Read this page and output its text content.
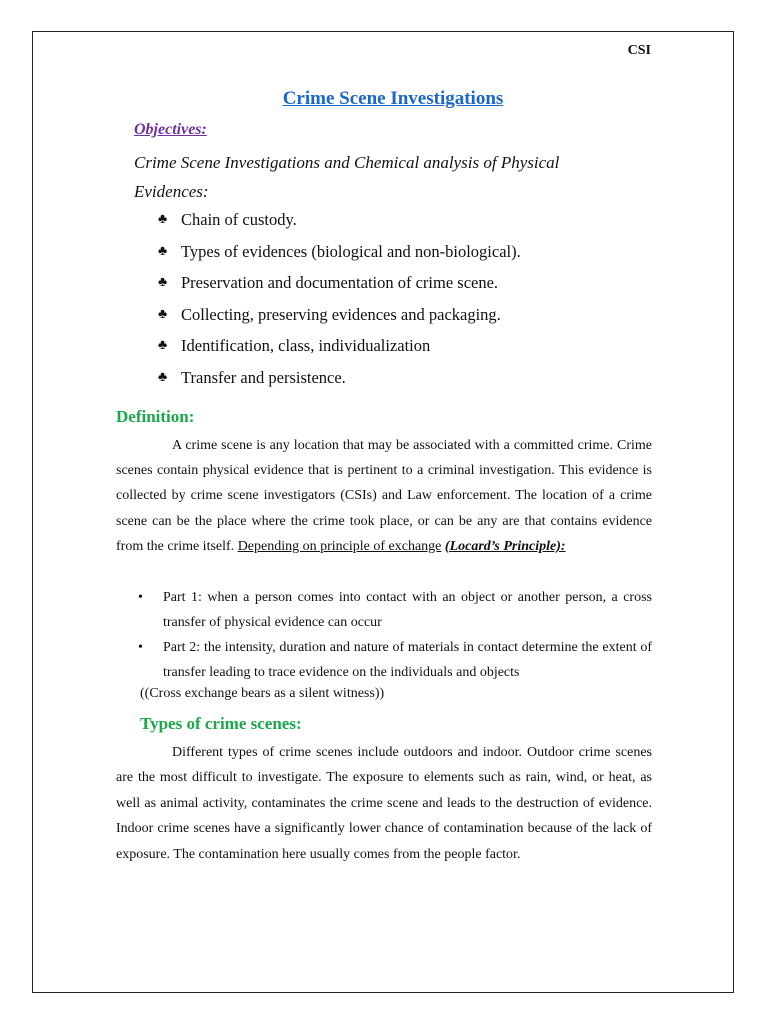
CSI
Crime Scene Investigations
Objectives:
Crime Scene Investigations and Chemical analysis of Physical Evidences:
♣ Chain of custody.
♣ Types of evidences (biological and non-biological).
♣ Preservation and documentation of crime scene.
♣ Collecting, preserving evidences and packaging.
♣ Identification, class, individualization
♣ Transfer and persistence.
Definition:

A crime scene is any location that may be associated with a committed crime. Crime scenes contain physical evidence that is pertinent to a criminal investigation. This evidence is collected by crime scene investigators (CSIs) and Law enforcement. The location of a crime scene can be the place where the crime took place, or can be any are that contains evidence from the crime itself. Depending on principle of exchange (Locard’s Principle):

• Part 1: when a person comes into contact with an object or another person, a cross transfer of physical evidence can occur
• Part 2: the intensity, duration and nature of materials in contact determine the extent of transfer leading to trace evidence on the individuals and objects
((Cross exchange bears as a silent witness))
Types of crime scenes:

Different types of crime scenes include outdoors and indoor. Outdoor crime scenes are the most difficult to investigate. The exposure to elements such as rain, wind, or heat, as well as animal activity, contaminates the crime scene and leads to the destruction of evidence. Indoor crime scenes have a significantly lower chance of contamination because of the lack of exposure. The contamination here usually comes from the people factor.
